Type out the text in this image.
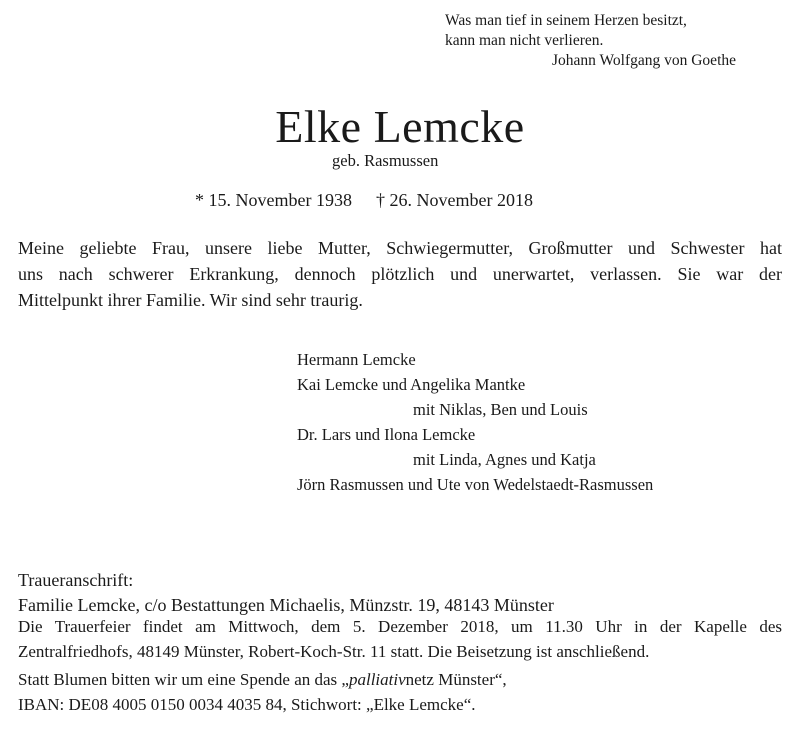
Was man tief in seinem Herzen besitzt,
kann man nicht verlieren.
Johann Wolfgang von Goethe
Elke Lemcke
geb. Rasmussen
* 15. November 1938 † 26. November 2018
Meine geliebte Frau, unsere liebe Mutter, Schwiegermutter, Großmutter und Schwester hat
uns nach schwerer Erkrankung, dennoch plötzlich und unerwartet, verlassen. Sie war der
Mittelpunkt ihrer Familie. Wir sind sehr traurig.
Hermann Lemcke
Kai Lemcke und Angelika Mantke
mit Niklas, Ben und Louis
Dr. Lars und Ilona Lemcke
mit Linda, Agnes und Katja
Jörn Rasmussen und Ute von Wedelstaedt-Rasmussen
Traueranschrift:
Familie Lemcke, c/o Bestattungen Michaelis, Münzstr. 19, 48143 Münster
Die Trauerfeier findet am Mittwoch, dem 5. Dezember 2018, um 11.30 Uhr in der Kapelle des
Zentralfriedhofs, 48149 Münster, Robert-Koch-Str. 11 statt. Die Beisetzung ist anschließend.
Statt Blumen bitten wir um eine Spende an das „palliativnetz Münster“,
IBAN: DE08 4005 0150 0034 4035 84, Stichwort: „Elke Lemcke“.
